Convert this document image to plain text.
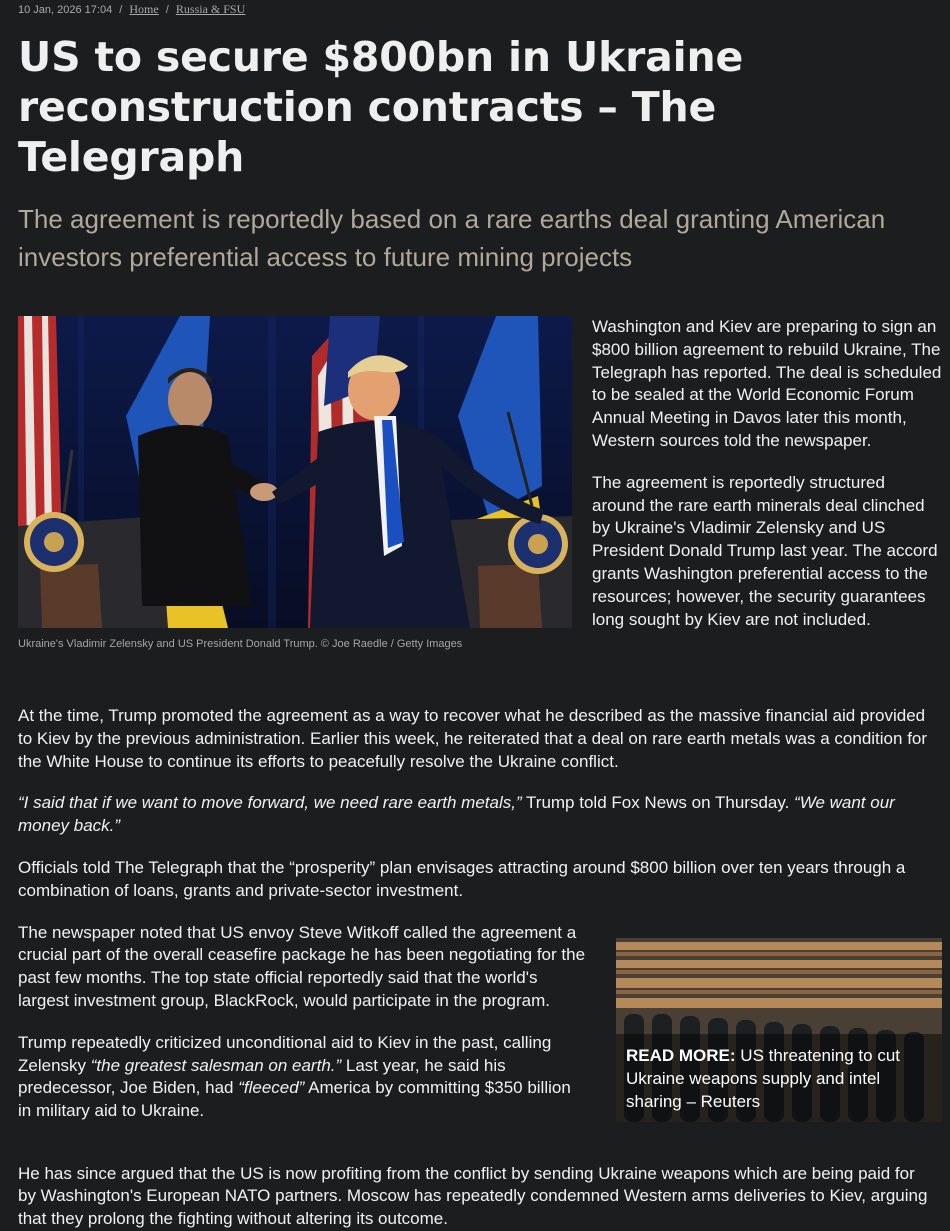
10 Jan, 2026 17:04 / Home / Russia & FSU
US to secure $800bn in Ukraine reconstruction contracts – The Telegraph
The agreement is reportedly based on a rare earths deal granting American investors preferential access to future mining projects
Ukraine's Vladimir Zelensky and US President Donald Trump. © Joe Raedle / Getty Images

Washington and Kiev are preparing to sign an $800 billion agreement to rebuild Ukraine, The Telegraph has reported. The deal is scheduled to be sealed at the World Economic Forum Annual Meeting in Davos later this month, Western sources told the newspaper.

The agreement is reportedly structured around the rare earth minerals deal clinched by Ukraine's Vladimir Zelensky and US President Donald Trump last year. The accord grants Washington preferential access to the resources; however, the security guarantees long sought by Kiev are not included.

At the time, Trump promoted the agreement as a way to recover what he described as the massive financial aid provided to Kiev by the previous administration. Earlier this week, he reiterated that a deal on rare earth metals was a condition for the White House to continue its efforts to peacefully resolve the Ukraine conflict.

“I said that if we want to move forward, we need rare earth metals,” Trump told Fox News on Thursday. “We want our money back.”

Officials told The Telegraph that the “prosperity” plan envisages attracting around $800 billion over ten years through a combination of loans, grants and private-sector investment.

The newspaper noted that US envoy Steve Witkoff called the agreement a crucial part of the overall ceasefire package he has been negotiating for the past few months. The top state official reportedly said that the world's largest investment group, BlackRock, would participate in the program.

Trump repeatedly criticized unconditional aid to Kiev in the past, calling Zelensky “the greatest salesman on earth.” Last year, he said his predecessor, Joe Biden, had “fleeced” America by committing $350 billion in military aid to Ukraine.

READ MORE: US threatening to cut Ukraine weapons supply and intel sharing – Reuters

He has since argued that the US is now profiting from the conflict by sending Ukraine weapons which are being paid for by Washington's European NATO partners. Moscow has repeatedly condemned Western arms deliveries to Kiev, arguing that they prolong the fighting without altering its outcome.
